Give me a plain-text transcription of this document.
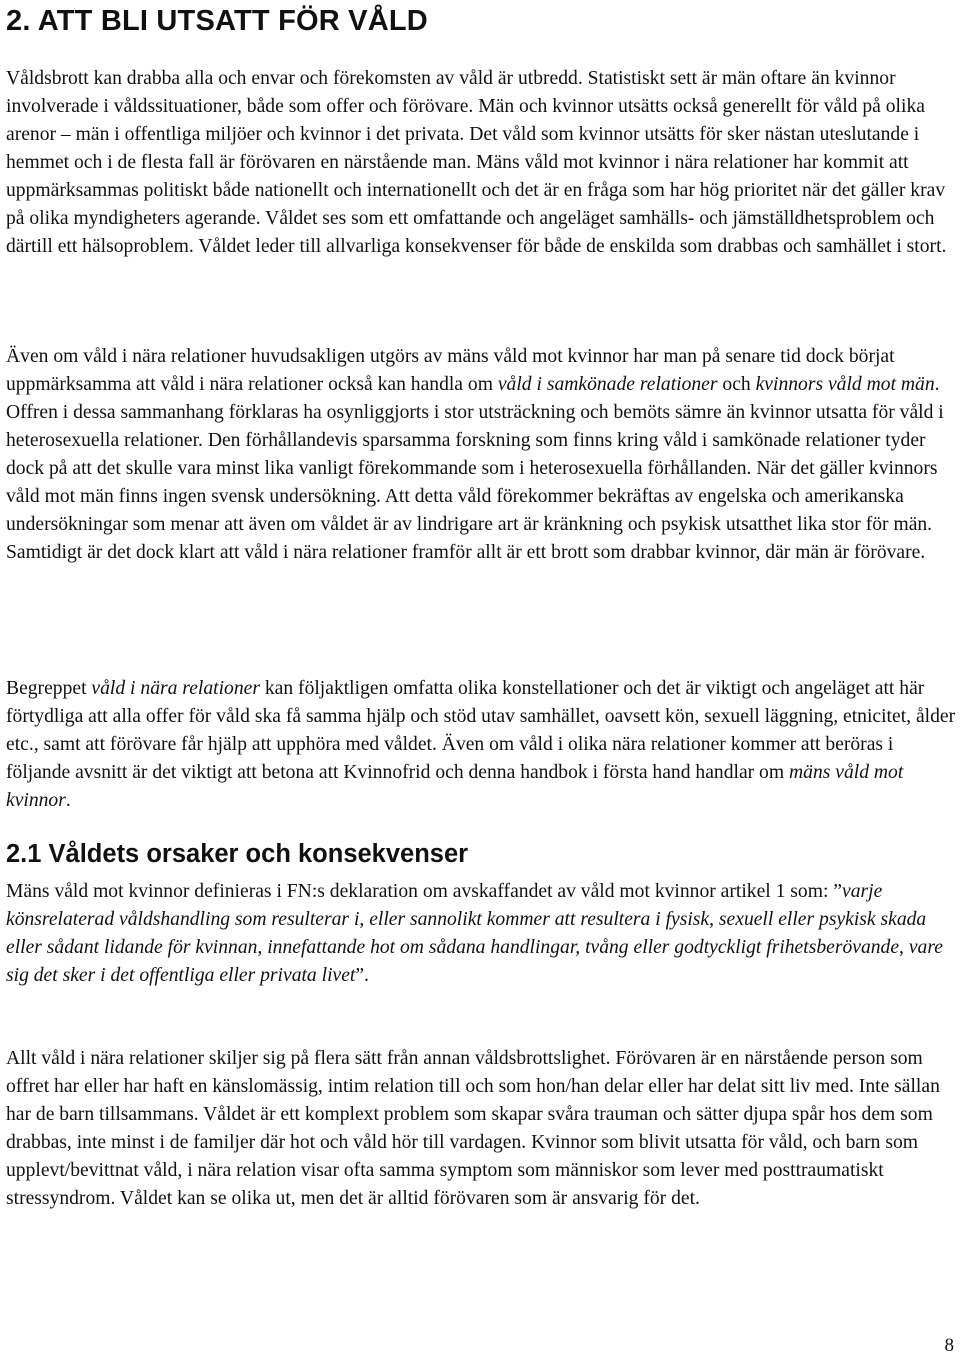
2. ATT BLI UTSATT FÖR VÅLD

Våldsbrott kan drabba alla och envar och förekomsten av våld är utbredd. Statistiskt sett är män oftare än kvinnor involverade i våldssituationer, både som offer och förövare. Män och kvinnor utsätts också generellt för våld på olika arenor – män i offentliga miljöer och kvinnor i det privata. Det våld som kvinnor utsätts för sker nästan uteslutande i hemmet och i de flesta fall är förövaren en närstående man. Mäns våld mot kvinnor i nära relationer har kommit att uppmärksammas politiskt både nationellt och internationellt och det är en fråga som har hög prioritet när det gäller krav på olika myndigheters agerande. Våldet ses som ett omfattande och angeläget samhälls- och jämställdhetsproblem och därtill ett hälsoproblem. Våldet leder till allvarliga konsekvenser för både de enskilda som drabbas och samhället i stort.

Även om våld i nära relationer huvudsakligen utgörs av mäns våld mot kvinnor har man på senare tid dock börjat uppmärksamma att våld i nära relationer också kan handla om våld i samkönade relationer och kvinnors våld mot män. Offren i dessa sammanhang förklaras ha osynliggjorts i stor utsträckning och bemöts sämre än kvinnor utsatta för våld i heterosexuella relationer. Den förhållandevis sparsamma forskning som finns kring våld i samkönade relationer tyder dock på att det skulle vara minst lika vanligt förekommande som i heterosexuella förhållanden. När det gäller kvinnors våld mot män finns ingen svensk undersökning. Att detta våld förekommer bekräftas av engelska och amerikanska undersökningar som menar att även om våldet är av lindrigare art är kränkning och psykisk utsatthet lika stor för män. Samtidigt är det dock klart att våld i nära relationer framför allt är ett brott som drabbar kvinnor, där män är förövare.

Begreppet våld i nära relationer kan följaktligen omfatta olika konstellationer och det är viktigt och angeläget att här förtydliga att alla offer för våld ska få samma hjälp och stöd utav samhället, oavsett kön, sexuell läggning, etnicitet, ålder etc., samt att förövare får hjälp att upphöra med våldet. Även om våld i olika nära relationer kommer att beröras i följande avsnitt är det viktigt att betona att Kvinnofrid och denna handbok i första hand handlar om mäns våld mot kvinnor.

2.1 Våldets orsaker och konsekvenser

Mäns våld mot kvinnor definieras i FN:s deklaration om avskaffandet av våld mot kvinnor artikel 1 som: ”varje könsrelaterad våldshandling som resulterar i, eller sannolikt kommer att resultera i fysisk, sexuell eller psykisk skada eller sådant lidande för kvinnan, innefattande hot om sådana handlingar, tvång eller godtyckligt frihetsberövande, vare sig det sker i det offentliga eller privata livet”.

Allt våld i nära relationer skiljer sig på flera sätt från annan våldsbrottslighet. Förövaren är en närstående person som offret har eller har haft en känslomässig, intim relation till och som hon/han delar eller har delat sitt liv med. Inte sällan har de barn tillsammans. Våldet är ett komplext problem som skapar svåra trauman och sätter djupa spår hos dem som drabbas, inte minst i de familjer där hot och våld hör till vardagen. Kvinnor som blivit utsatta för våld, och barn som upplevt/bevittnat våld, i nära relation visar ofta samma symptom som människor som lever med posttraumatiskt stressyndrom. Våldet kan se olika ut, men det är alltid förövaren som är ansvarig för det.

8
